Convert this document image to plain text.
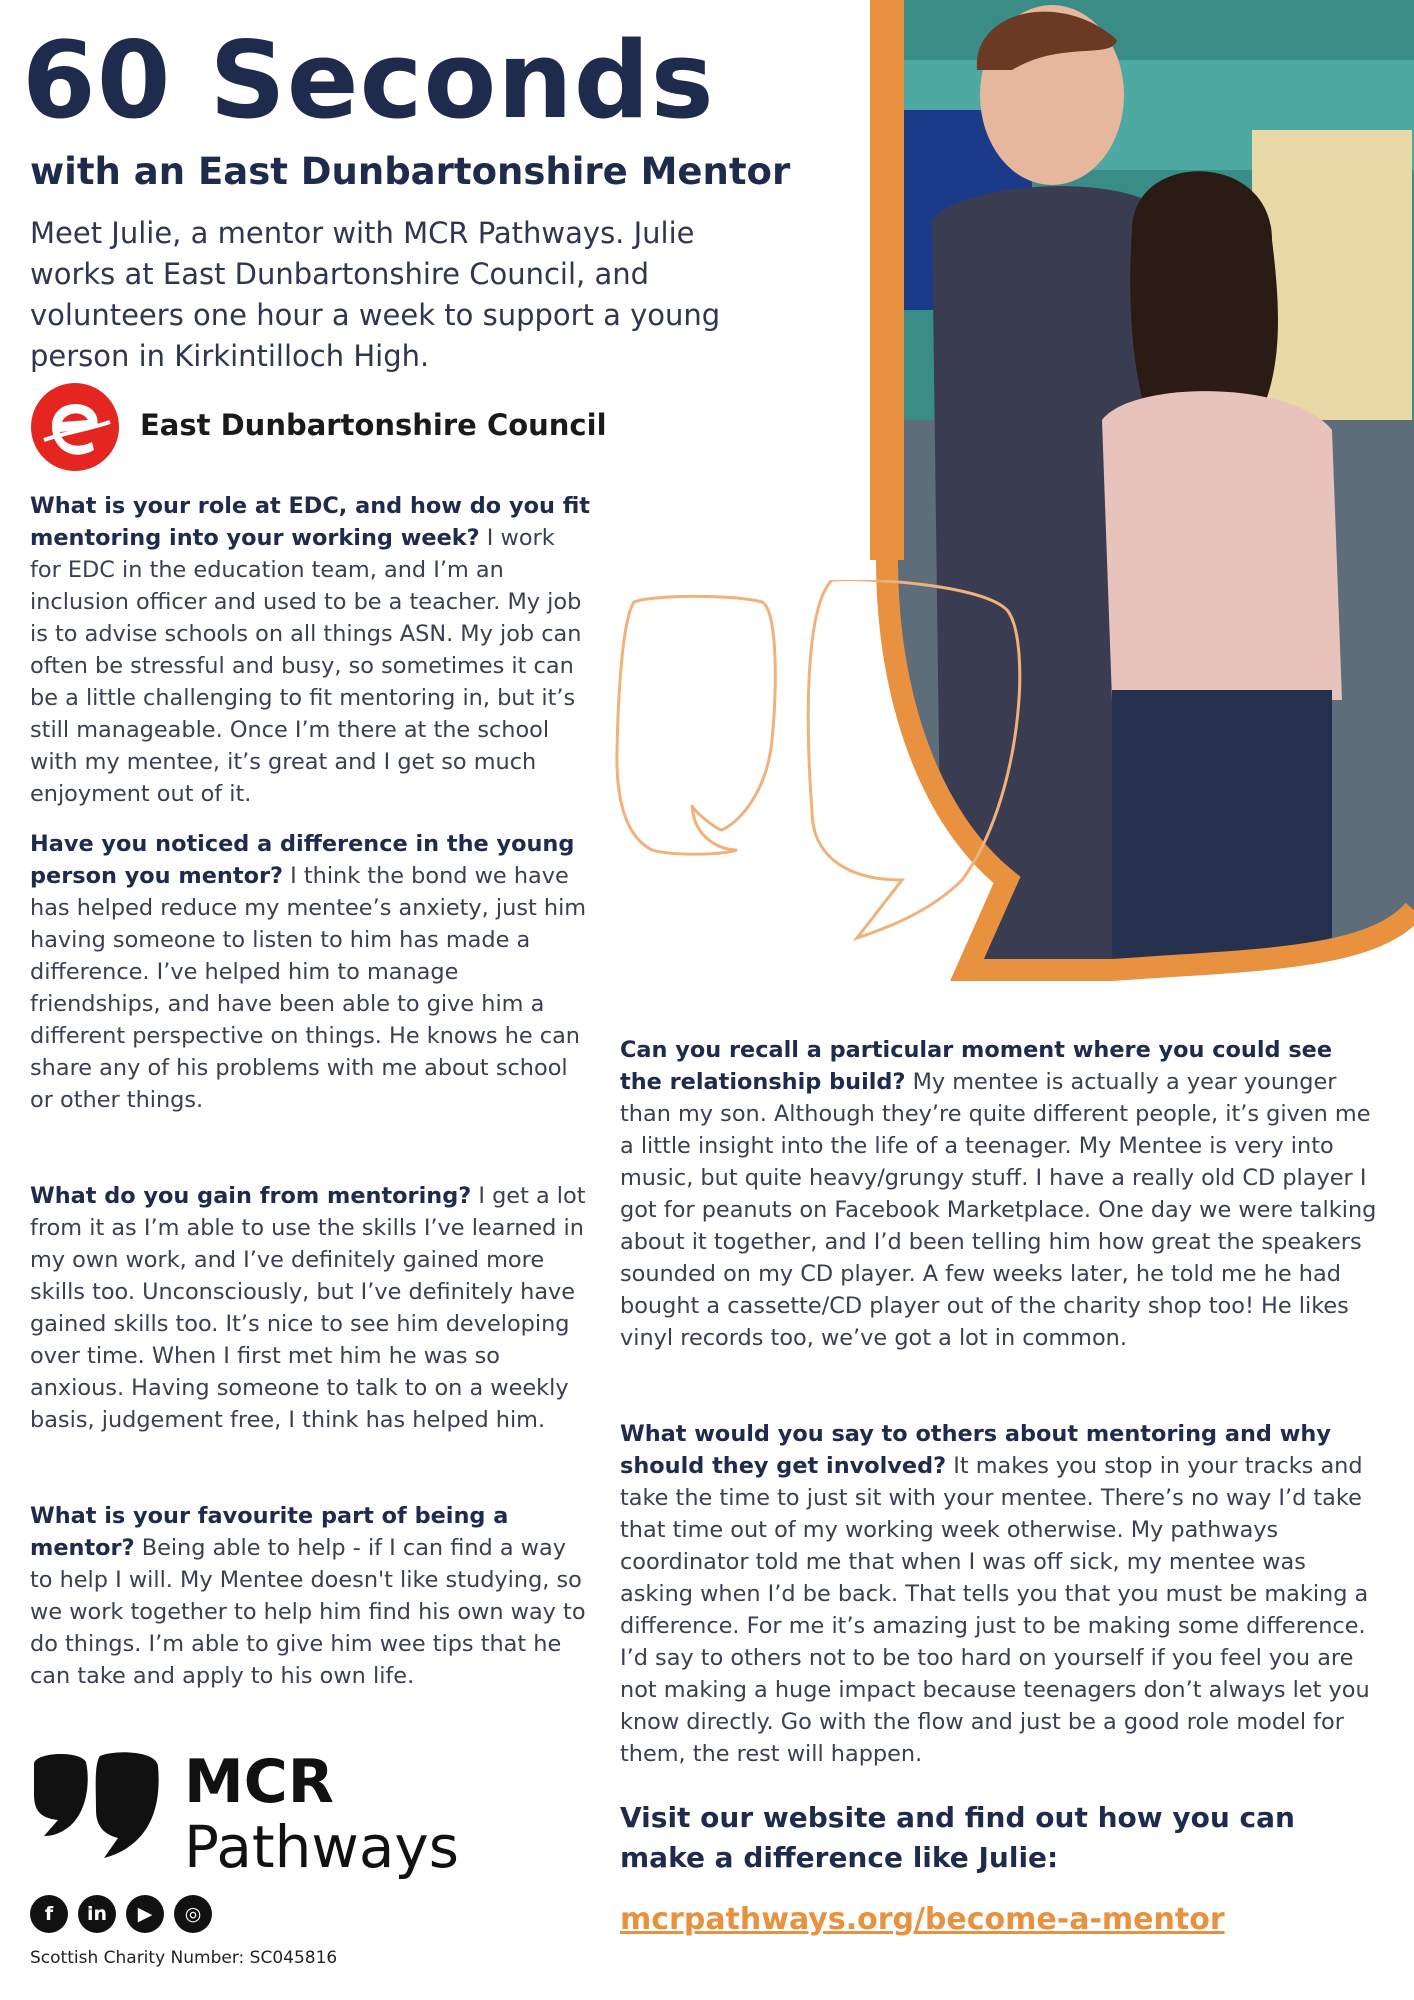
60 Seconds
with an East Dunbartonshire Mentor

Meet Julie, a mentor with MCR Pathways. Julie works at East Dunbartonshire Council, and volunteers one hour a week to support a young person in Kirkintilloch High.

East Dunbartonshire Council

What is your role at EDC, and how do you fit mentoring into your working week? I work for EDC in the education team, and I’m an inclusion officer and used to be a teacher. My job is to advise schools on all things ASN. My job can often be stressful and busy, so sometimes it can be a little challenging to fit mentoring in, but it’s still manageable. Once I’m there at the school with my mentee, it’s great and I get so much enjoyment out of it.

Have you noticed a difference in the young person you mentor? I think the bond we have has helped reduce my mentee’s anxiety, just him having someone to listen to him has made a difference. I’ve helped him to manage friendships, and have been able to give him a different perspective on things. He knows he can share any of his problems with me about school or other things.

What do you gain from mentoring? I get a lot from it as I’m able to use the skills I’ve learned in my own work, and I’ve definitely gained more skills too. Unconsciously, but I’ve definitely have gained skills too. It’s nice to see him developing over time. When I first met him he was so anxious. Having someone to talk to on a weekly basis, judgement free, I think has helped him.

What is your favourite part of being a mentor? Being able to help - if I can find a way to help I will. My Mentee doesn't like studying, so we work together to help him find his own way to do things. I’m able to give him wee tips that he can take and apply to his own life.

Can you recall a particular moment where you could see the relationship build? My mentee is actually a year younger than my son. Although they’re quite different people, it’s given me a little insight into the life of a teenager. My Mentee is very into music, but quite heavy/grungy stuff. I have a really old CD player I got for peanuts on Facebook Marketplace. One day we were talking about it together, and I’d been telling him how great the speakers sounded on my CD player. A few weeks later, he told me he had bought a cassette/CD player out of the charity shop too! He likes vinyl records too, we’ve got a lot in common.

What would you say to others about mentoring and why should they get involved? It makes you stop in your tracks and take the time to just sit with your mentee. There’s no way I’d take that time out of my working week otherwise. My pathways coordinator told me that when I was off sick, my mentee was asking when I’d be back. That tells you that you must be making a difference. For me it’s amazing just to be making some difference. I’d say to others not to be too hard on yourself if you feel you are not making a huge impact because teenagers don’t always let you know directly. Go with the flow and just be a good role model for them, the rest will happen.

Visit our website and find out how you can make a difference like Julie:

mcrpathways.org/become-a-mentor
MCR
Pathways
f	in	▶	◎
Scottish Charity Number: SC045816
